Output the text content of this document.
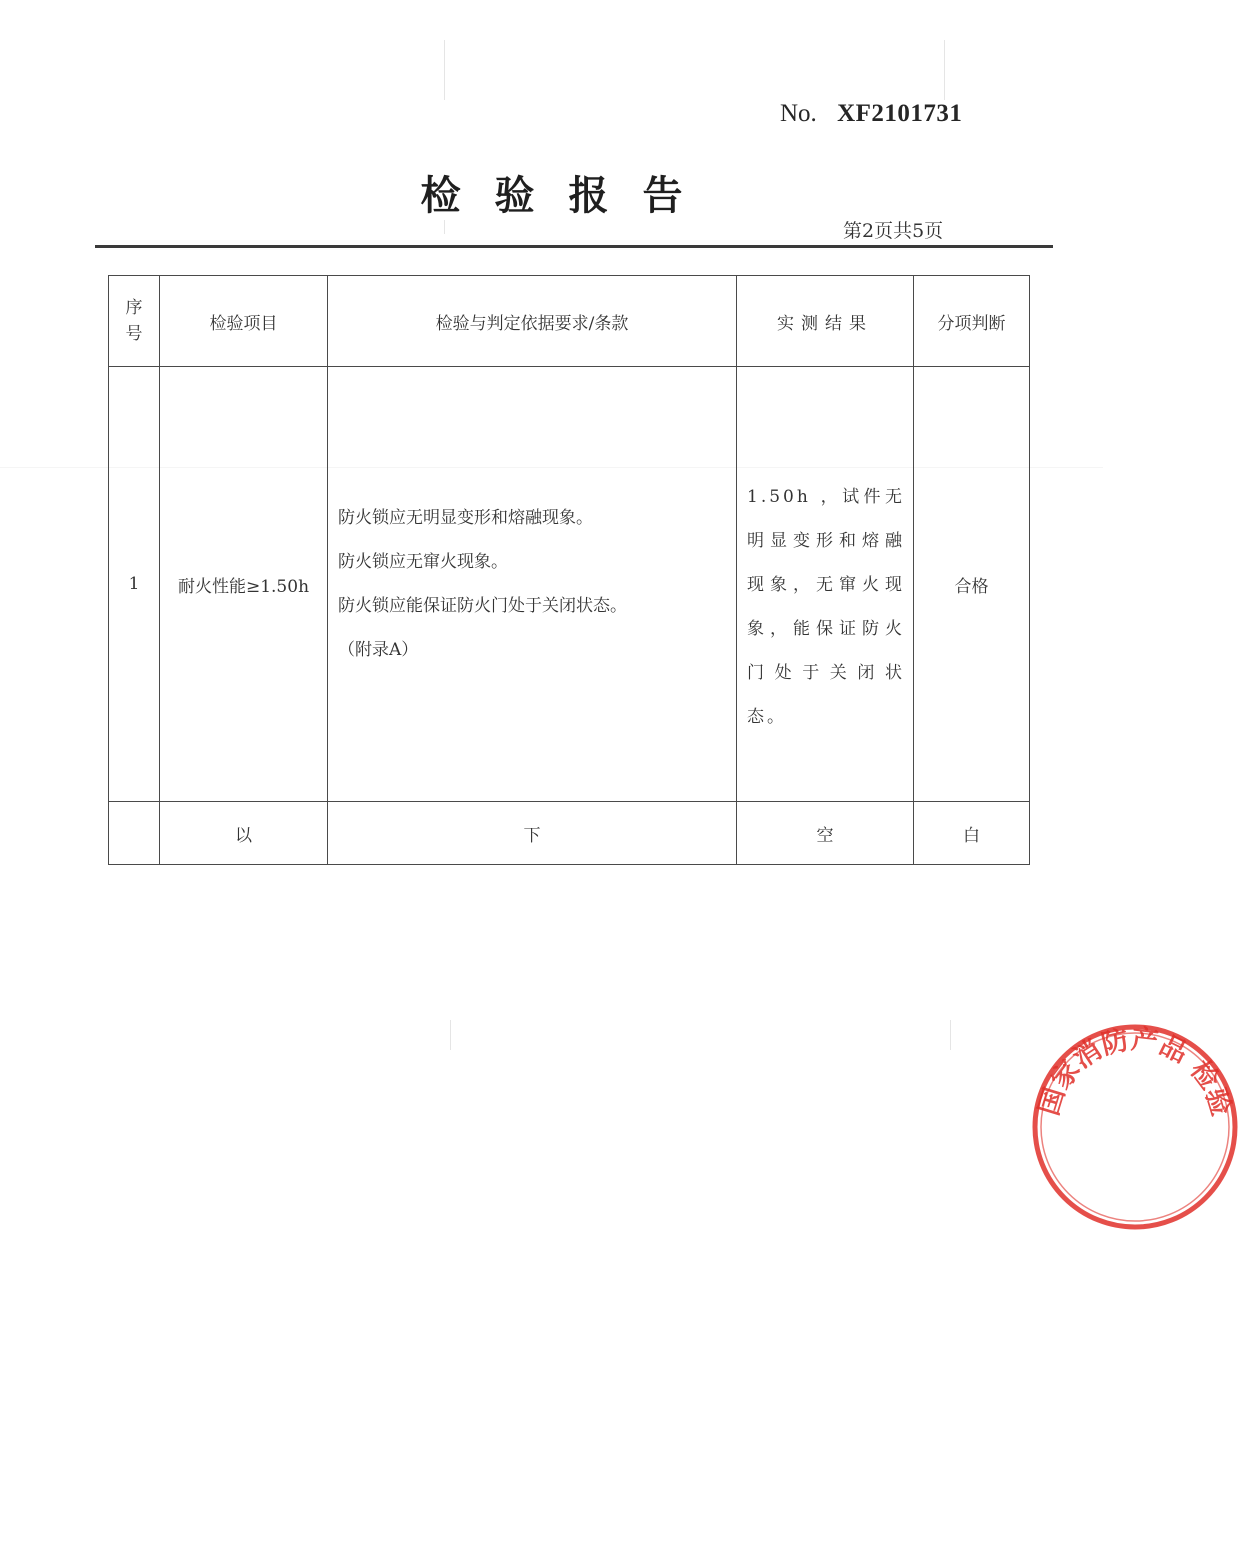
No. XF2101731
检验报告
第2页共5页
序
号	检验项目	检验与判定依据要求/条款	实测结果	分项判断
1	耐火性能≥1.50h	防火锁应无明显变形和熔融现象。
防火锁应无窜火现象。
防火锁应能保证防火门处于关闭状态。
（附录A）	1.50h ，试件无明显变形和熔融现象，无窜火现象，能保证防火门处于关闭状态。	合格
	以	下	空	白
国家消防产品 检验
